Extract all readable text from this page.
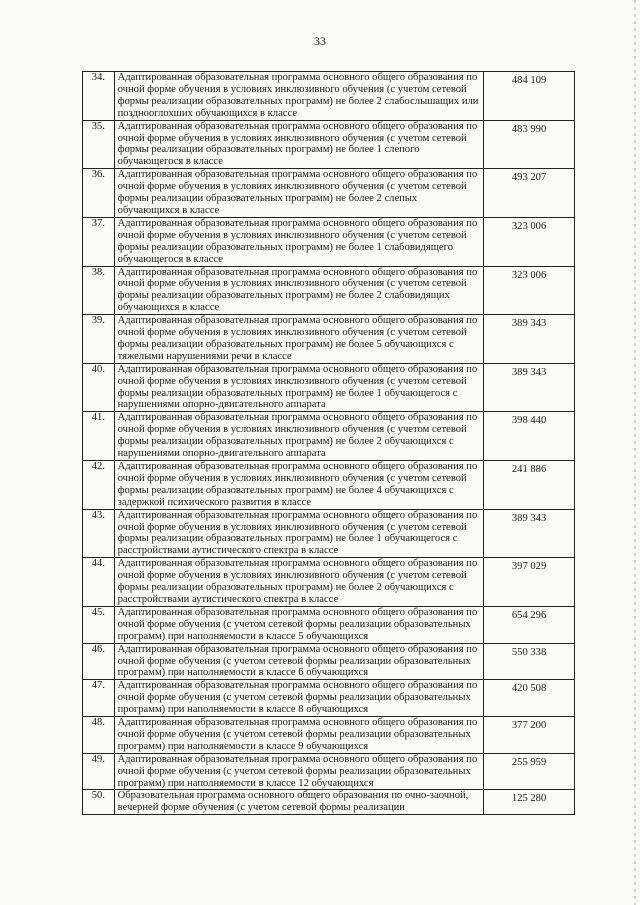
33
34.	Адаптированная образовательная программа основного общего образования по очной форме обучения в условиях инклюзивного обучения (с учетом сетевой формы реализации образовательных программ) не более 2 слабослышащих или позднооглохших обучающихся в классе	484 109
35.	Адаптированная образовательная программа основного общего образования по очной форме обучения в условиях инклюзивного обучения (с учетом сетевой формы реализации образовательных программ) не более 1 слепого обучающегося в классе	483 990
36.	Адаптированная образовательная программа основного общего образования по очной форме обучения в условиях инклюзивного обучения (с учетом сетевой формы реализации образовательных программ) не более 2 слепых обучающихся в классе	493 207
37.	Адаптированная образовательная программа основного общего образования по очной форме обучения в условиях инклюзивного обучения (с учетом сетевой формы реализации образовательных программ) не более 1 слабовидящего обучающегося в классе	323 006
38.	Адаптированная образовательная программа основного общего образования по очной форме обучения в условиях инклюзивного обучения (с учетом сетевой формы реализации образовательных программ) не более 2 слабовидящих обучающихся в классе	323 006
39.	Адаптированная образовательная программа основного общего образования по очной форме обучения в условиях инклюзивного обучения (с учетом сетевой формы реализации образовательных программ) не более 5 обучающихся с тяжелыми нарушениями речи в классе	389 343
40.	Адаптированная образовательная программа основного общего образования по очной форме обучения в условиях инклюзивного обучения (с учетом сетевой формы реализации образовательных программ) не более 1 обучающегося с нарушениями опорно-двигательного аппарата	389 343
41.	Адаптированная образовательная программа основного общего образования по очной форме обучения в условиях инклюзивного обучения (с учетом сетевой формы реализации образовательных программ) не более 2 обучающихся с нарушениями опорно-двигательного аппарата	398 440
42.	Адаптированная образовательная программа основного общего образования по очной форме обучения в условиях инклюзивного обучения (с учетом сетевой формы реализации образовательных программ) не более 4 обучающихся с задержкой психического развития в классе	241 886
43.	Адаптированная образовательная программа основного общего образования по очной форме обучения в условиях инклюзивного обучения (с учетом сетевой формы реализации образовательных программ) не более 1 обучающегося с расстройствами аутистического спектра в классе	389 343
44.	Адаптированная образовательная программа основного общего образования по очной форме обучения в условиях инклюзивного обучения (с учетом сетевой формы реализации образовательных программ) не более 2 обучающихся с расстройствами аутистического спектра в классе	397 029
45.	Адаптированная образовательная программа основного общего образования по очной форме обучения (с учетом сетевой формы реализации образовательных программ) при наполняемости в классе 5 обучающихся	654 296
46.	Адаптированная образовательная программа основного общего образования по очной форме обучения (с учетом сетевой формы реализации образовательных программ) при наполняемости в классе 6 обучающихся	550 338
47.	Адаптированная образовательная программа основного общего образования по очной форме обучения (с учетом сетевой формы реализации образовательных программ) при наполняемости в классе 8 обучающихся	420 508
48.	Адаптированная образовательная программа основного общего образования по очной форме обучения (с учетом сетевой формы реализации образовательных программ) при наполняемости в классе 9 обучающихся	377 200
49.	Адаптированная образовательная программа основного общего образования по очной форме обучения (с учетом сетевой формы реализации образовательных программ) при наполняемости в классе 12 обучающихся	255 959
50.	Образовательная программа основного общего образования по очно-заочной, вечерней форме обучения (с учетом сетевой формы реализации	125 280
